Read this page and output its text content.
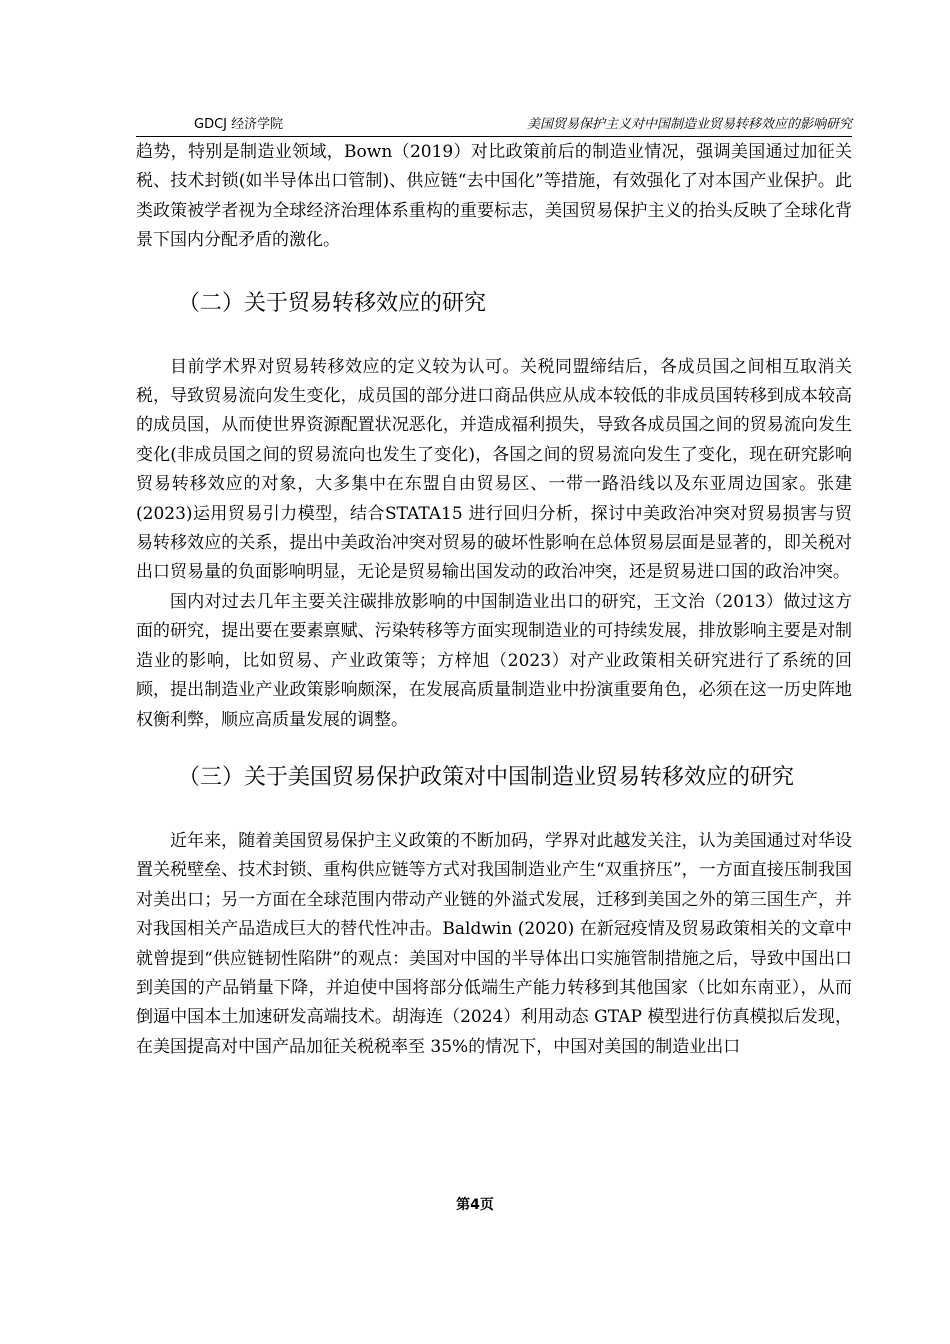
GDCJ 经济学院	美国贸易保护主义对中国制造业贸易转移效应的影响研究

趋势，特别是制造业领域，Bown（2019）对比政策前后的制造业情况，强调美国通过加征关税、技术封锁(如半导体出口管制)、供应链“去中国化”等措施，有效强化了对本国产业保护。此类政策被学者视为全球经济治理体系重构的重要标志，美国贸易保护主义的抬头反映了全球化背景下国内分配矛盾的激化。

（二）关于贸易转移效应的研究

目前学术界对贸易转移效应的定义较为认可。关税同盟缔结后，各成员国之间相互取消关税，导致贸易流向发生变化，成员国的部分进口商品供应从成本较低的非成员国转移到成本较高的成员国，从而使世界资源配置状况恶化，并造成福利损失，导致各成员国之间的贸易流向发生变化(非成员国之间的贸易流向也发生了变化)，各国之间的贸易流向发生了变化，现在研究影响贸易转移效应的对象，大多集中在东盟自由贸易区、一带一路沿线以及东亚周边国家。张建(2023)运用贸易引力模型，结合STATA15 进行回归分析，探讨中美政治冲突对贸易损害与贸易转移效应的关系，提出中美政治冲突对贸易的破坏性影响在总体贸易层面是显著的，即关税对出口贸易量的负面影响明显，无论是贸易输出国发动的政治冲突，还是贸易进口国的政治冲突。

国内对过去几年主要关注碳排放影响的中国制造业出口的研究，王文治（2013）做过这方面的研究，提出要在要素禀赋、污染转移等方面实现制造业的可持续发展，排放影响主要是对制造业的影响，比如贸易、产业政策等；方梓旭（2023）对产业政策相关研究进行了系统的回顾，提出制造业产业政策影响颇深，在发展高质量制造业中扮演重要角色，必须在这一历史阵地权衡利弊，顺应高质量发展的调整。

（三）关于美国贸易保护政策对中国制造业贸易转移效应的研究

近年来，随着美国贸易保护主义政策的不断加码，学界对此越发关注，认为美国通过对华设置关税壁垒、技术封锁、重构供应链等方式对我国制造业产生“双重挤压”，一方面直接压制我国对美出口；另一方面在全球范围内带动产业链的外溢式发展，迁移到美国之外的第三国生产，并对我国相关产品造成巨大的替代性冲击。Baldwin (2020) 在新冠疫情及贸易政策相关的文章中就曾提到“供应链韧性陷阱”的观点：美国对中国的半导体出口实施管制措施之后，导致中国出口到美国的产品销量下降，并迫使中国将部分低端生产能力转移到其他国家（比如东南亚），从而倒逼中国本土加速研发高端技术。胡海连（2024）利用动态 GTAP 模型进行仿真模拟后发现，在美国提高对中国产品加征关税税率至 35%的情况下，中国对美国的制造业出口

第4页
